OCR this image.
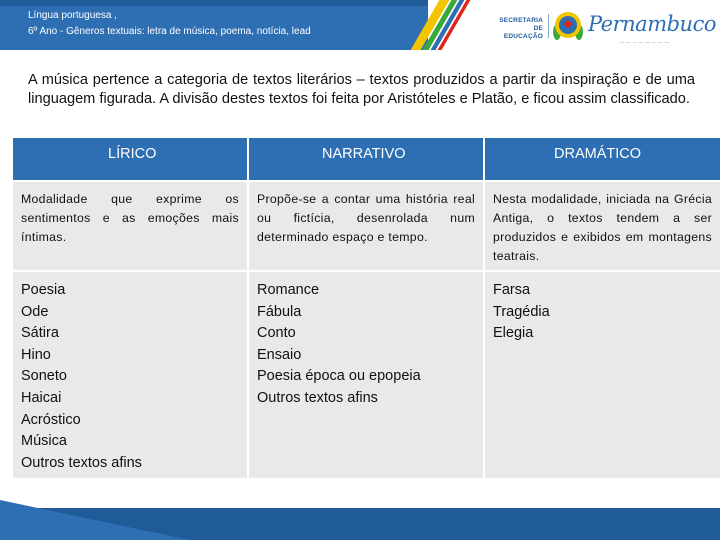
Língua portuguesa ,
6º Ano - Gêneros textuais: letra de música, poema, notícia, lead
SECRETARIA DE EDUCAÇÃO
Pernambuco
— — — — — — — —

A música pertence a categoria de textos literários – textos produzidos a partir da inspiração e de uma linguagem figurada. A divisão destes textos foi feita por Aristóteles e Platão, e ficou assim classificado.

LÍRICO	NARRATIVO	DRAMÁTICO
Modalidade que exprime os sentimentos e as emoções mais íntimas.
Propõe-se a contar uma história real ou fictícia, desenrolada num determinado espaço e tempo.
Nesta modalidade, iniciada na Grécia Antiga, o textos tendem a ser produzidos e exibidos em montagens teatrais.
Poesia
Ode
Sátira
Hino
Soneto
Haicai
Acróstico
Música
Outros textos afins
Romance
Fábula
Conto
Ensaio
Poesia época ou epopeia
Outros textos afins
Farsa
Tragédia
Elegia
